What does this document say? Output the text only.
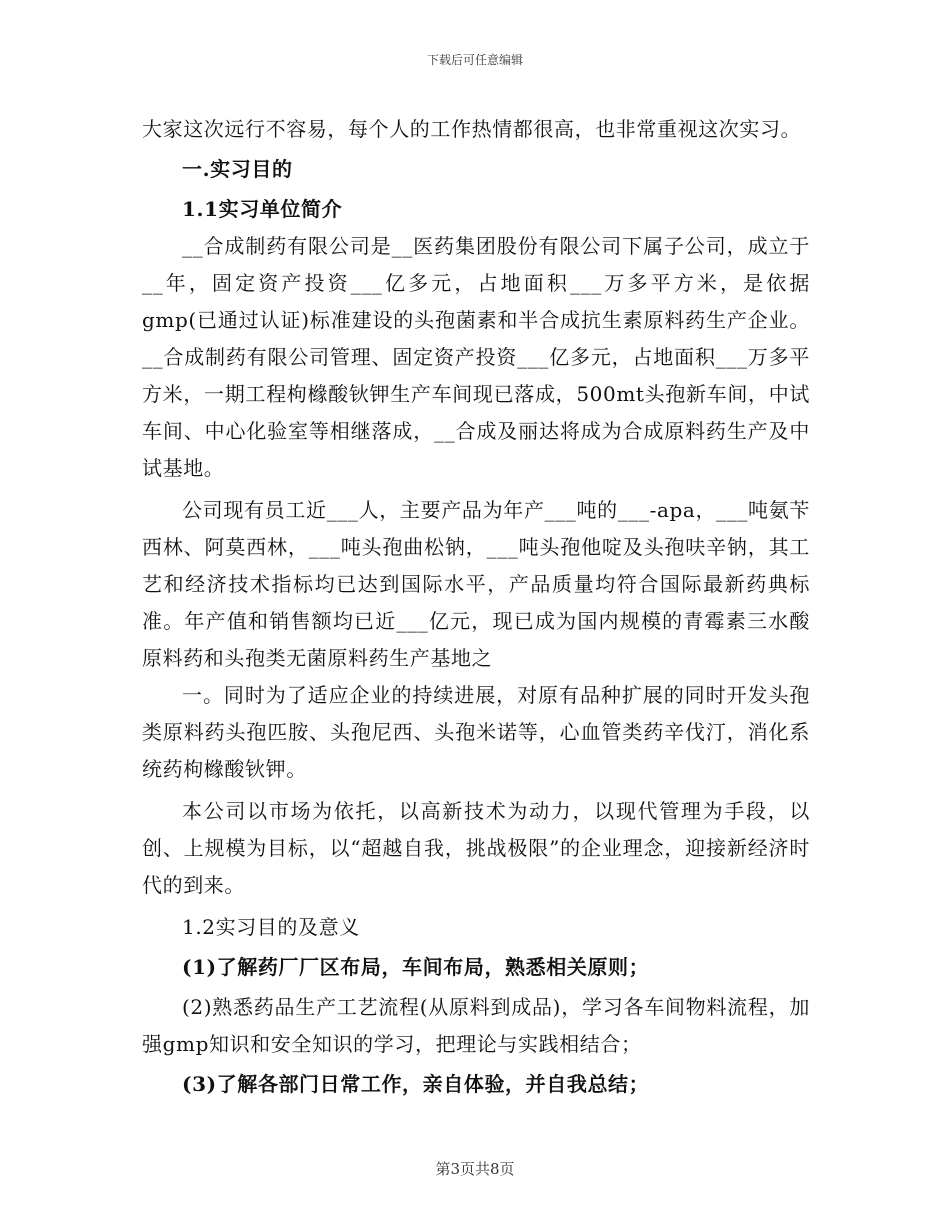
下载后可任意编辑

大家这次远行不容易，每个人的工作热情都很高，也非常重视这次实习。

一.实习目的

1.1实习单位简介

__合成制药有限公司是__医药集团股份有限公司下属子公司，成立于__年，固定资产投资___亿多元，占地面积___万多平方米，是依据gmp(已通过认证)标准建设的头孢菌素和半合成抗生素原料药生产企业。__合成制药有限公司管理、固定资产投资___亿多元，占地面积___万多平方米，一期工程枸橼酸钬钾生产车间现已落成，500mt头孢新车间，中试车间、中心化验室等相继落成，__合成及丽达将成为合成原料药生产及中试基地。

公司现有员工近___人，主要产品为年产___吨的___-apa，___吨氨苄西林、阿莫西林，___吨头孢曲松钠，___吨头孢他啶及头孢呋辛钠，其工艺和经济技术指标均已达到国际水平，产品质量均符合国际最新药典标准。年产值和销售额均已近___亿元，现已成为国内规模的青霉素三水酸原料药和头孢类无菌原料药生产基地之

一。同时为了适应企业的持续进展，对原有品种扩展的同时开发头孢类原料药头孢匹胺、头孢尼西、头孢米诺等，心血管类药辛伐汀，消化系统药枸橼酸钬钾。

本公司以市场为依托，以高新技术为动力，以现代管理为手段，以创、上规模为目标，以“超越自我，挑战极限”的企业理念，迎接新经济时代的到来。

1.2实习目的及意义

(1)了解药厂厂区布局，车间布局，熟悉相关原则；

(2)熟悉药品生产工艺流程(从原料到成品)，学习各车间物料流程，加强gmp知识和安全知识的学习，把理论与实践相结合；

(3)了解各部门日常工作，亲自体验，并自我总结；

第3页共8页
